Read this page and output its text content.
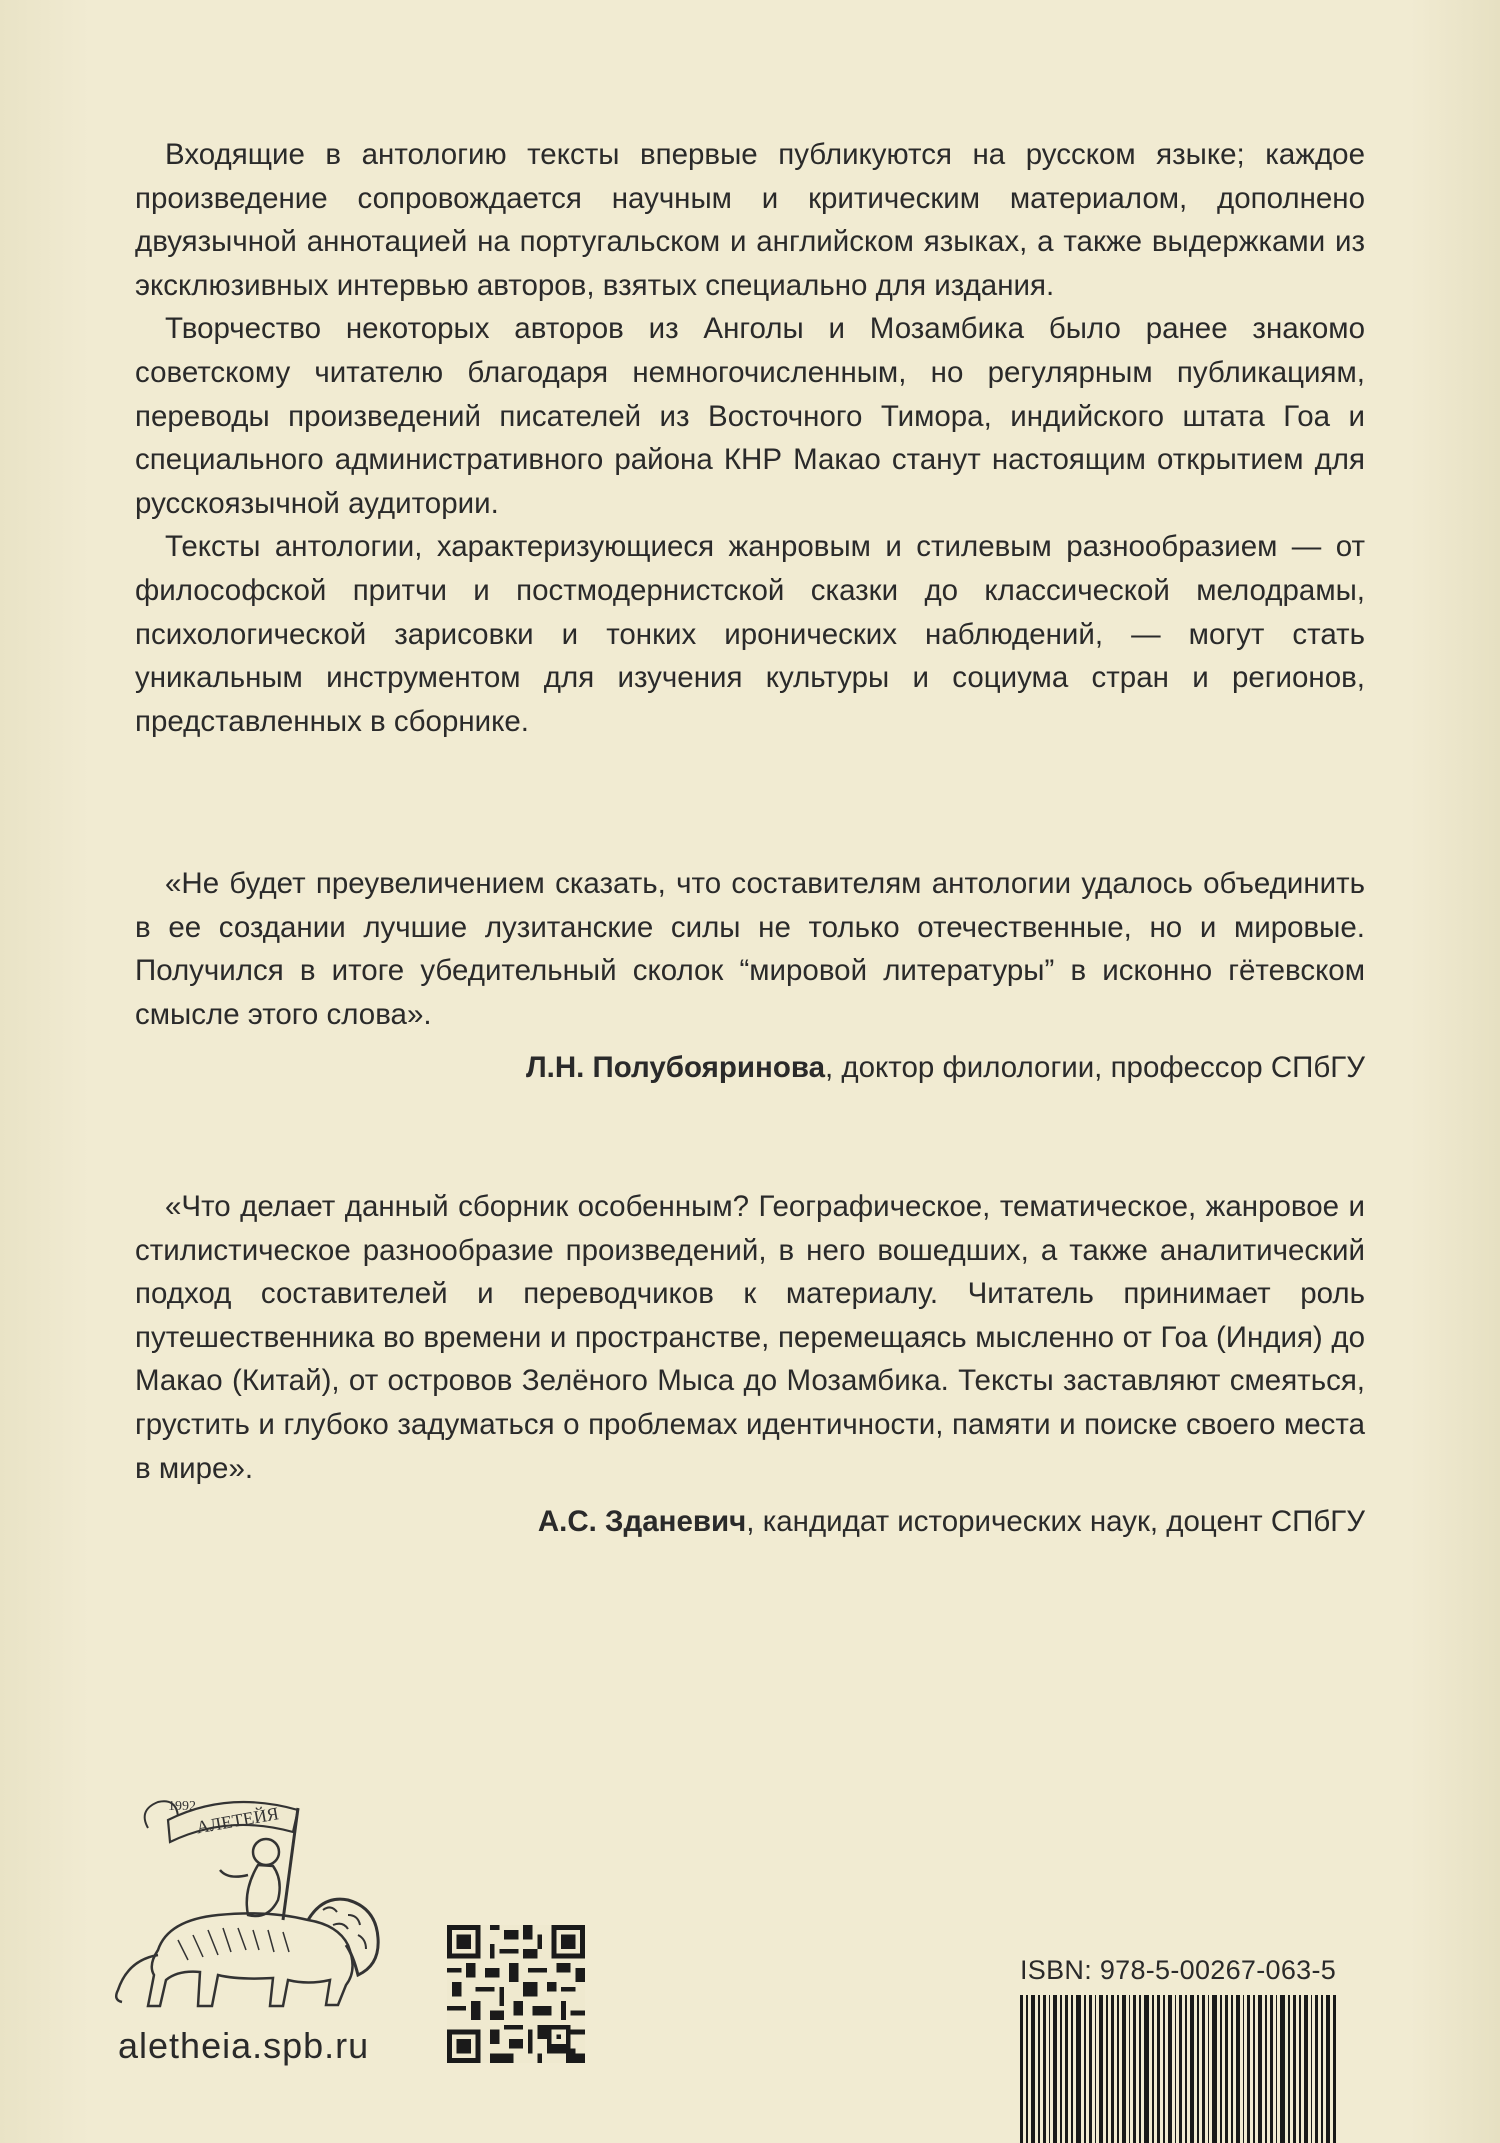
Входящие в антологию тексты впервые публикуются на русском языке; каждое произведение сопровождается научным и критическим материалом, дополнено двуязычной аннотацией на португальском и английском языках, а также выдержками из эксклюзивных интервью авторов, взятых специально для издания.

Творчество некоторых авторов из Анголы и Мозамбика было ранее знакомо советскому читателю благодаря немногочисленным, но регулярным публикациям, переводы произведений писателей из Восточного Тимора, индийского штата Гоа и специального административного района КНР Макао станут настоящим открытием для русскоязычной аудитории.

Тексты антологии, характеризующиеся жанровым и стилевым разнообразием — от философской притчи и постмодернистской сказки до классической мелодрамы, психологической зарисовки и тонких иронических наблюдений, — могут стать уникальным инструментом для изучения культуры и социума стран и регионов, представленных в сборнике.

«Не будет преувеличением сказать, что составителям антологии удалось объединить в ее создании лучшие лузитанские силы не только отечественные, но и мировые. Получился в итоге убедительный сколок “мировой литературы” в исконно гётевском смысле этого слова».

Л.Н. Полубояринова, доктор филологии, профессор СПбГУ

«Что делает данный сборник особенным? Географическое, тематическое, жанровое и стилистическое разнообразие произведений, в него вошедших, а также аналитический подход составителей и переводчиков к материалу. Читатель принимает роль путешественника во времени и пространстве, перемещаясь мысленно от Гоа (Индия) до Макао (Китай), от островов Зелёного Мыса до Мозамбика. Тексты заставляют смеяться, грустить и глубоко задуматься о проблемах идентичности, памяти и поиске своего места в мире».

А.С. Зданевич, кандидат исторических наук, доцент СПбГУ
1992
АЛЕТЕЙЯ
aletheia.spb.ru
ISBN: 978-5-00267-063-5
